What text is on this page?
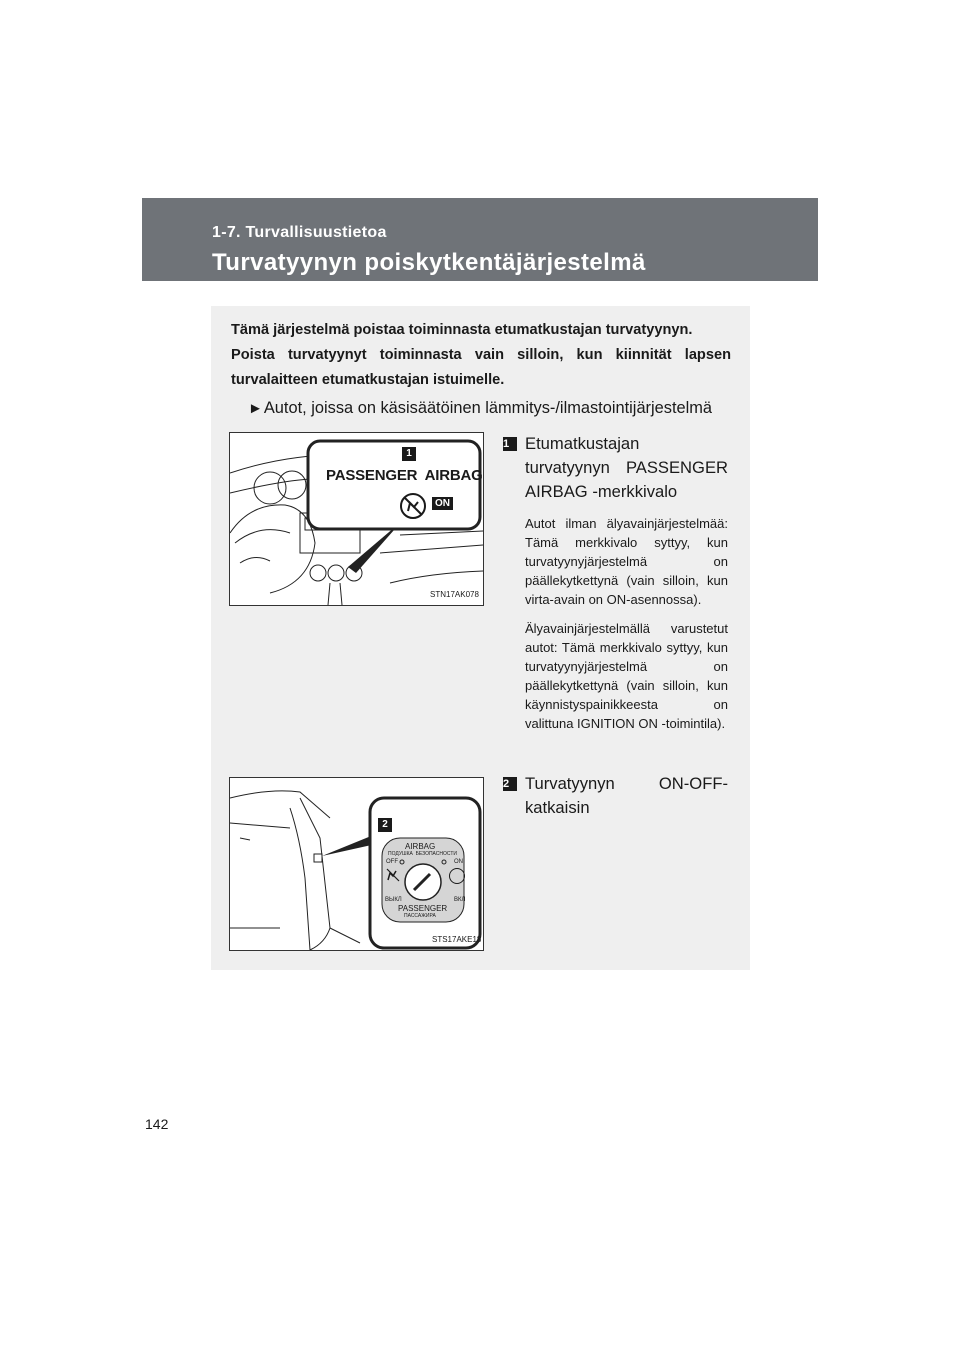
1-7. Turvallisuustietoa
Turvatyynyn poiskytkentäjärjestelmä

Tämä järjestelmä poistaa toiminnasta etumatkustajan turvatyynyn.

Poista turvatyynyt toiminnasta vain silloin, kun kiinnität lapsen turvalaitteen etumatkustajan istuimelle.

►Autot, joissa on käsisäätöinen lämmitys-/ilmastointijärjestelmä
1
PASSENGER  AIRBAG
ON
STN17AK078
1 Etumatkustajan turvatyynyn PASSENGER AIRBAG -merkkivalo
Autot ilman älyavainjärjestelmää: Tämä merkkivalo syttyy, kun turvatyynyjärjestelmä on päällekytkettynä (vain silloin, kun virta-avain on ON-asennossa).
Älyavainjärjestelmällä varustetut autot: Tämä merkkivalo syttyy, kun turvatyynyjärjestelmä on päällekytkettynä (vain silloin, kun käynnistyspainikkeesta on valittuna IGNITION ON -toimintila).
2
AIRBAG
ПОДУШКА  БЕЗОПАСНОСТИ
OFF	ON
ВЫКЛ	ВКЛ
PASSENGER
ПАССАЖИРА
STS17AKE18
2 Turvatyynyn ON-OFF-katkaisin
142
